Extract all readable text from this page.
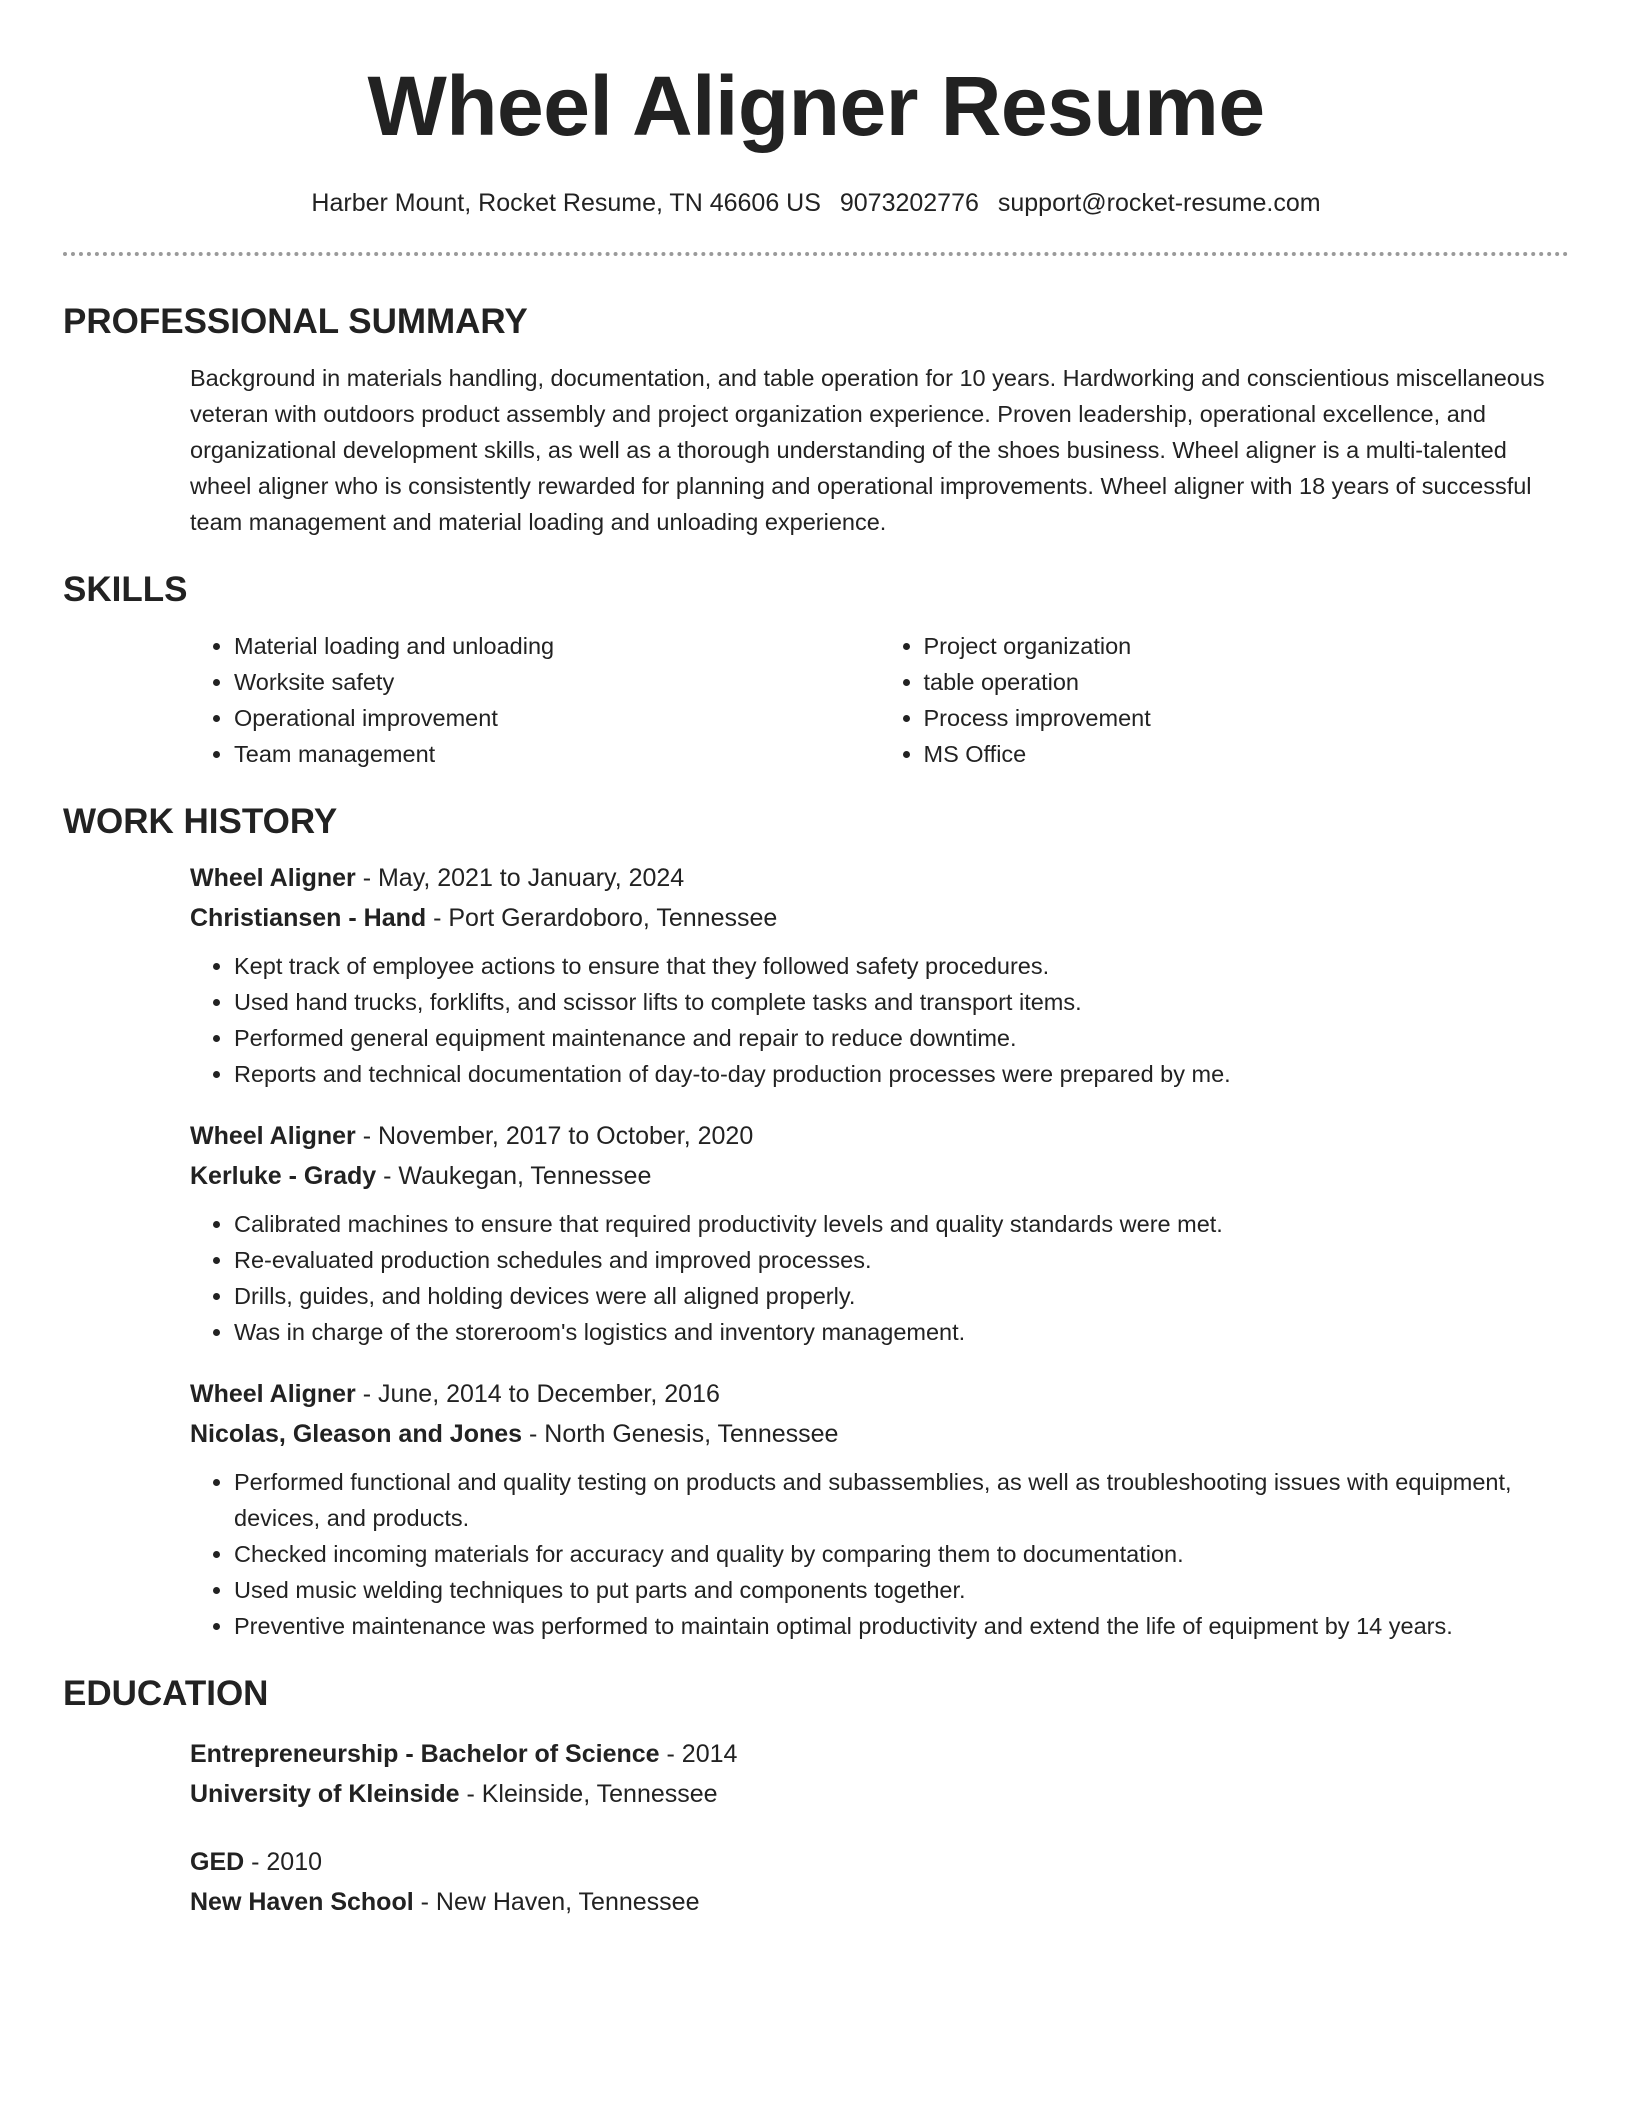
Wheel Aligner Resume
Harber Mount, Rocket Resume, TN 46606 US 9073202776 support@rocket-resume.com
PROFESSIONAL SUMMARY

Background in materials handling, documentation, and table operation for 10 years. Hardworking and conscientious miscellaneous veteran with outdoors product assembly and project organization experience. Proven leadership, operational excellence, and organizational development skills, as well as a thorough understanding of the shoes business. Wheel aligner is a multi-talented wheel aligner who is consistently rewarded for planning and operational improvements. Wheel aligner with 18 years of successful team management and material loading and unloading experience.

SKILLS
• Material loading and unloading
• Worksite safety
• Operational improvement
• Team management
• Project organization
• table operation
• Process improvement
• MS Office
WORK HISTORY
Wheel Aligner - May, 2021 to January, 2024
Christiansen - Hand - Port Gerardoboro, Tennessee
• Kept track of employee actions to ensure that they followed safety procedures.
• Used hand trucks, forklifts, and scissor lifts to complete tasks and transport items.
• Performed general equipment maintenance and repair to reduce downtime.
• Reports and technical documentation of day-to-day production processes were prepared by me.
Wheel Aligner - November, 2017 to October, 2020
Kerluke - Grady - Waukegan, Tennessee
• Calibrated machines to ensure that required productivity levels and quality standards were met.
• Re-evaluated production schedules and improved processes.
• Drills, guides, and holding devices were all aligned properly.
• Was in charge of the storeroom's logistics and inventory management.
Wheel Aligner - June, 2014 to December, 2016
Nicolas, Gleason and Jones - North Genesis, Tennessee
• Performed functional and quality testing on products and subassemblies, as well as troubleshooting issues with equipment, devices, and products.
• Checked incoming materials for accuracy and quality by comparing them to documentation.
• Used music welding techniques to put parts and components together.
• Preventive maintenance was performed to maintain optimal productivity and extend the life of equipment by 14 years.
EDUCATION
Entrepreneurship - Bachelor of Science - 2014
University of Kleinside - Kleinside, Tennessee
GED - 2010
New Haven School - New Haven, Tennessee
